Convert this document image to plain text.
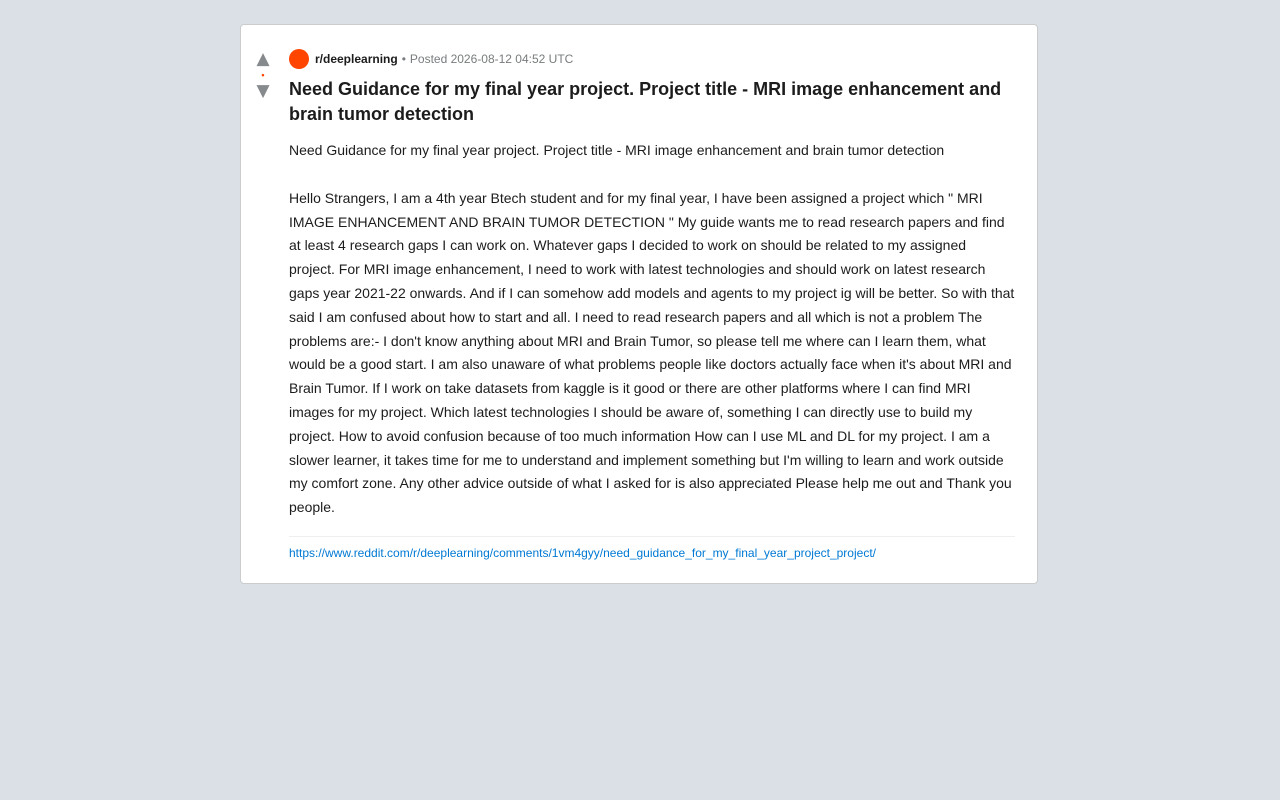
▲
•
▼
r/deeplearning • Posted 2026-08-12 04:52 UTC
Need Guidance for my final year project. Project title - MRI image enhancement and brain tumor detection

Need Guidance for my final year project. Project title - MRI image enhancement and brain tumor detection

Hello Strangers, I am a 4th year Btech student and for my final year, I have been assigned a project which " MRI IMAGE ENHANCEMENT AND BRAIN TUMOR DETECTION " My guide wants me to read research papers and find at least 4 research gaps I can work on. Whatever gaps I decided to work on should be related to my assigned project. For MRI image enhancement, I need to work with latest technologies and should work on latest research gaps year 2021-22 onwards. And if I can somehow add models and agents to my project ig will be better. So with that said I am confused about how to start and all. I need to read research papers and all which is not a problem The problems are:- I don't know anything about MRI and Brain Tumor, so please tell me where can I learn them, what would be a good start. I am also unaware of what problems people like doctors actually face when it's about MRI and Brain Tumor. If I work on take datasets from kaggle is it good or there are other platforms where I can find MRI images for my project. Which latest technologies I should be aware of, something I can directly use to build my project. How to avoid confusion because of too much information How can I use ML and DL for my project. I am a slower learner, it takes time for me to understand and implement something but I'm willing to learn and work outside my comfort zone. Any other advice outside of what I asked for is also appreciated Please help me out and Thank you people.

https://www.reddit.com/r/deeplearning/comments/1vm4gyy/need_guidance_for_my_final_year_project_project/
